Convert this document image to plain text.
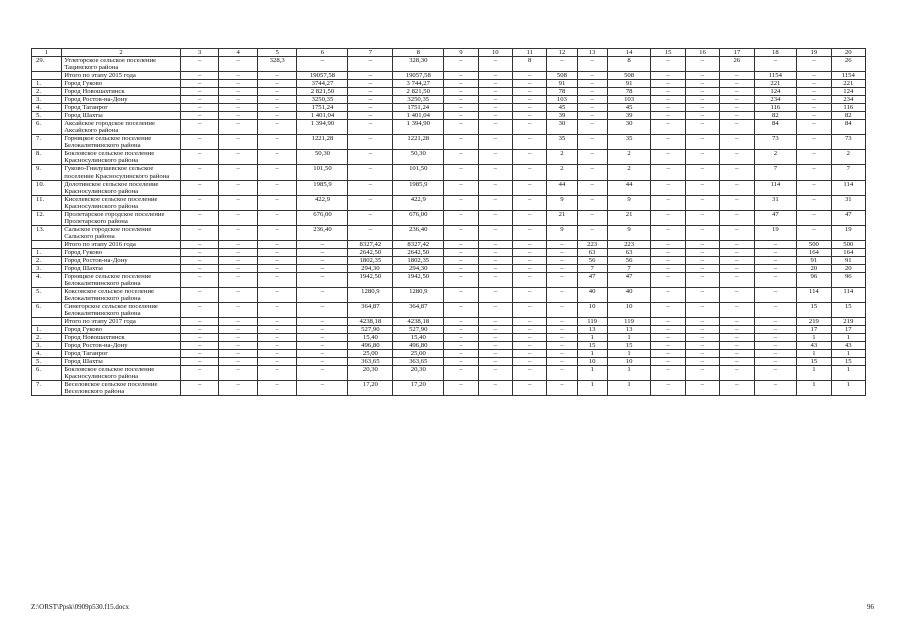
1	2	3	4	5	6	7	8	9	10	11	12	13	14	15	16	17	18	19	20
29.	Углегорское сельское поселение Тацинского района	–	–	328,3	–	–	328,30	–	–	8	–	–	8	–	–	26	–	–	26
	Итого по этапу 2015 года	–	–	–	19057,58	–	19057,58	–	–	–	508	–	508	–	–	–	1154	–	1154
1.	Город Гуково	–	–	–	3744,27	–	3 744,27	–	–	–	91	–	91	–	–	–	221	–	221
2.	Город Новошахтинск	–	–	–	2 821,50	–	2 821,50	–	–	–	78	–	78	–	–	–	124	–	124
3.	Город Ростов-на-Дону	–	–	–	3250,35	–	3250,35	–	–	–	103	–	103	–	–	–	234	–	234
4.	Город Таганрог	–	–	–	1751,24	–	1751,24	–	–	–	45	–	45	–	–	–	116	–	116
5.	Город Шахты	–	–	–	1 401,04	–	1 401,04	–	–	–	39	–	39	–	–	–	82	–	82
6.	Аксайское городское поселение Аксайского района	–	–	–	1 394,90	–	1 394,90	–	–	–	30	–	30	–	–	–	84	–	84
7.	Горняцкое сельское поселение Белокалитвинского района	–	–	–	1221,28	–	1221,28	–	–	–	35	–	35	–	–	–	73	–	73
8.	Бокловское сельское поселение Красносулинского района	–	–	–	50,30	–	50,30	–	–	–	2	–	2	–	–	–	2	–	2
9.	Гуково-Гнилушевское сельское поселение Красносулинского района	–	–	–	101,50	–	101,50	–	–	–	2	–	2	–	–	–	7	–	7
10.	Долотинское сельское поселение Красносулинского района	–	–	–	1985,9	–	1985,9	–	–	–	44	–	44	–	–	–	114	–	114
11.	Киселевское сельское поселение Красносулинского района	–	–	–	422,9	–	422,9	–	–	–	9	–	9	–	–	–	31	–	31
12.	Пролетарское городское поселение Пролетарского района	–	–	–	676,00	–	676,00	–	–	–	21	–	21	–	–	–	47	–	47
13.	Сальское городское поселение Сальского района	–	–	–	236,40	–	236,40	–	–	–	9	–	9	–	–	–	19	–	19
	Итого по этапу 2016 года	–	–	–	–	8327,42	8327,42	–	–	–	–	223	223	–	–	–	–	500	500
1.	Город Гуково	–	–	–	–	2642,50	2642,50	–	–	–	–	63	63	–	–	–	–	164	164
2.	Город Ростов-на-Дону	–	–	–	–	1802,35	1802,35	–	–	–	–	56	56	–	–	–	–	91	91
3.	Город Шахты	–	–	–	–	294,30	294,30	–	–	–	–	7	7	–	–	–	–	20	20
4.	Горняцкое сельское поселение Белокалитвинского района	–	–	–	–	1942,50	1942,50	–	–	–	–	47	47	–	–	–	–	96	96
5.	Коксовское сельское поселение Белокалитвинского района	–	–	–	–	1280,9	1280,9	–	–	–	–	40	40	–	–	–	–	114	114
6.	Синегорское сельское поселение Белокалитвинского района	–	–	–	–	364,87	364,87	–	–	–	–	10	10	–	–	–	–	15	15
	Итого по этапу 2017 года	–	–	–	–	4238,18	4238,18	–	–	–	–	119	119	–	–	–	–	219	219
1.	Город Гуково	–	–	–	–	527,90	527,90	–	–	–	–	13	13	–	–	–	–	17	17
2.	Город Новошахтинск	–	–	–	–	15,40	15,40	–	–	–	–	1	1	–	–	–	–	1	1
3.	Город Ростов-на-Дону	–	–	–	–	496,80	496,80	–	–	–	–	15	15	–	–	–	–	43	43
4.	Город Таганрог	–	–	–	–	25,00	25,00	–	–	–	–	1	1	–	–	–	–	1	1
5.	Город Шахты	–	–	–	–	363,65	363,65	–	–	–	–	10	10	–	–	–	–	15	15
6.	Бокловское сельское поселение Красносулинского района	–	–	–	–	20,30	20,30	–	–	–	–	1	1	–	–	–	–	1	1
7.	Веселовское сельское поселение Веселовского района	–	–	–	–	17,20	17,20	–	–	–	–	1	1	–	–	–	–	1	1
Z:\ORST\Ppsk\0909p530.f15.docx	96
